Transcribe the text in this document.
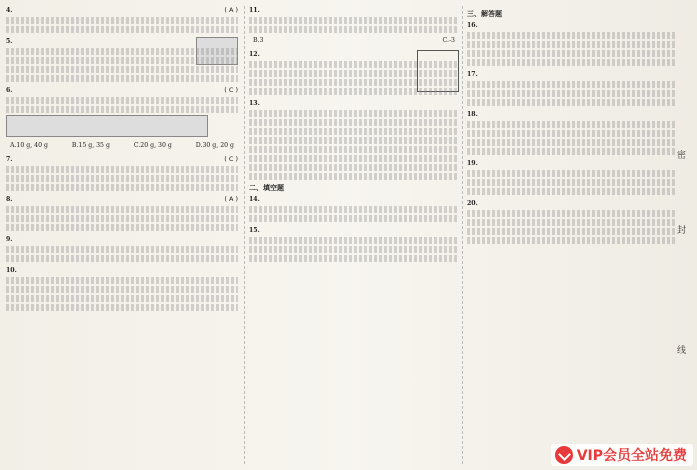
4.	( A )
5.
6.	( C )
A.10 g, 40 g	B.15 g, 35 g	C.20 g, 30 g	D.30 g, 20 g
7.	( C )
8.	( A )
9.
10.
11.
B.3	C.-3
12.
13.
二、填空题
14.
15.
三、解答题
16.
17.
18.
19.
20.
密
封
线
VIP会员全站免费
